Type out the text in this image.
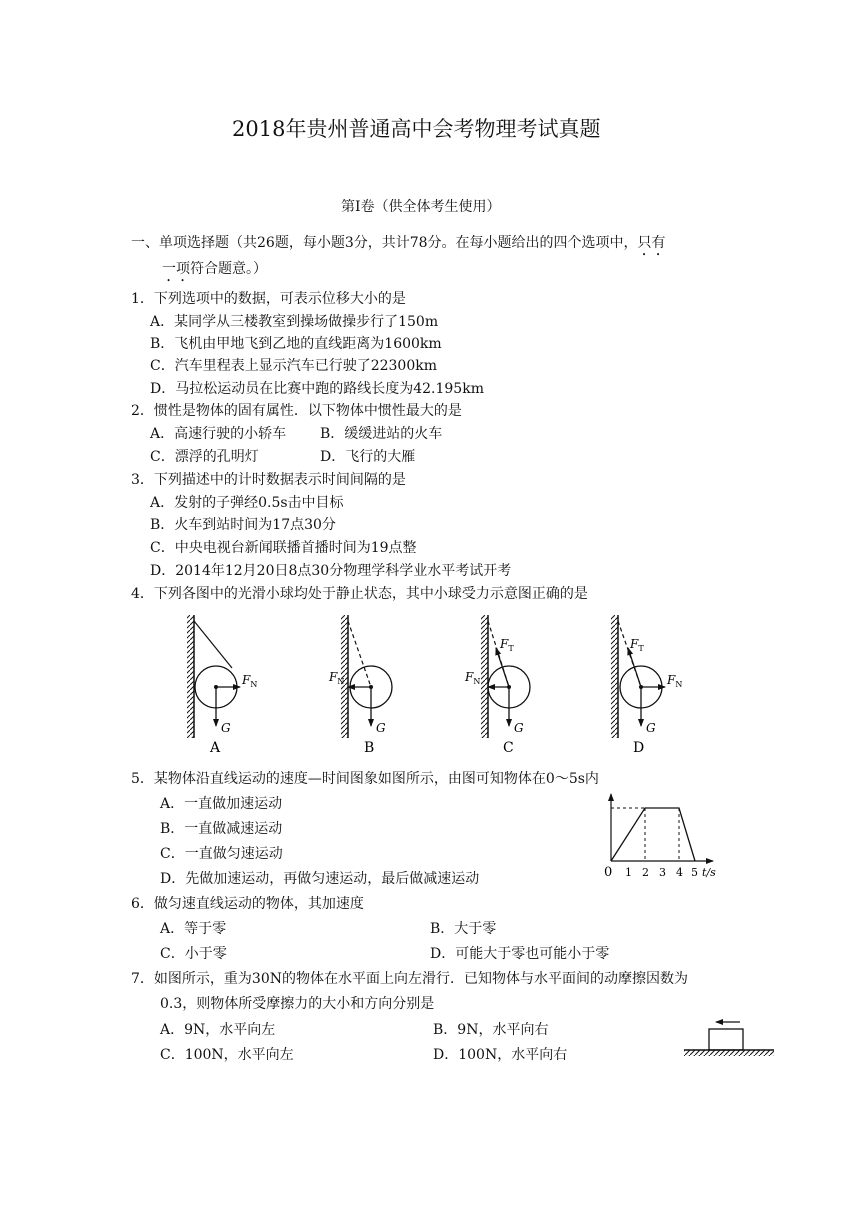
2018年贵州普通高中会考物理考试真题
第Ⅰ卷（供全体考生使用）
一、单项选择题（共26题，每小题3分，共计78分。在每小题给出的四个选项中，只有
一项符合题意。）
1．下列选项中的数据，可表示位移大小的是
A．某同学从三楼教室到操场做操步行了150m
B．飞机由甲地飞到乙地的直线距离为1600km
C．汽车里程表上显示汽车已行驶了22300km
D．马拉松运动员在比赛中跑的路线长度为42.195km
2．惯性是物体的固有属性．以下物体中惯性最大的是
A．高速行驶的小轿车 B．缓缓进站的火车
C．漂浮的孔明灯	D．飞行的大雁
3．下列描述中的计时数据表示时间间隔的是
A．发射的子弹经0.5s击中目标
B．火车到站时间为17点30分
C．中央电视台新闻联播首播时间为19点整
D．2014年12月20日8点30分物理学科学业水平考试开考
4．下列各图中的光滑小球均处于静止状态，其中小球受力示意图正确的是
$F_N$
G
A
$F_N$
G
B
$F_T$
$F_N$
G
C
$F_T$
$F_N$
G
D
0 1 2 3 4 5 t/s
5．某物体沿直线运动的速度—时间图象如图所示，由图可知物体在0～5s内
A．一直做加速运动
B．一直做减速运动
C．一直做匀速运动
D．先做加速运动，再做匀速运动，最后做减速运动
6．做匀速直线运动的物体，其加速度
A．等于零	B．大于零
C．小于零	D．可能大于零也可能小于零
7．如图所示，重为30N的物体在水平面上向左滑行．已知物体与水平面间的动摩擦因数为
0.3，则物体所受摩擦力的大小和方向分别是
A．9N，水平向左	B．9N，水平向右
C．100N，水平向左	D．100N，水平向右
